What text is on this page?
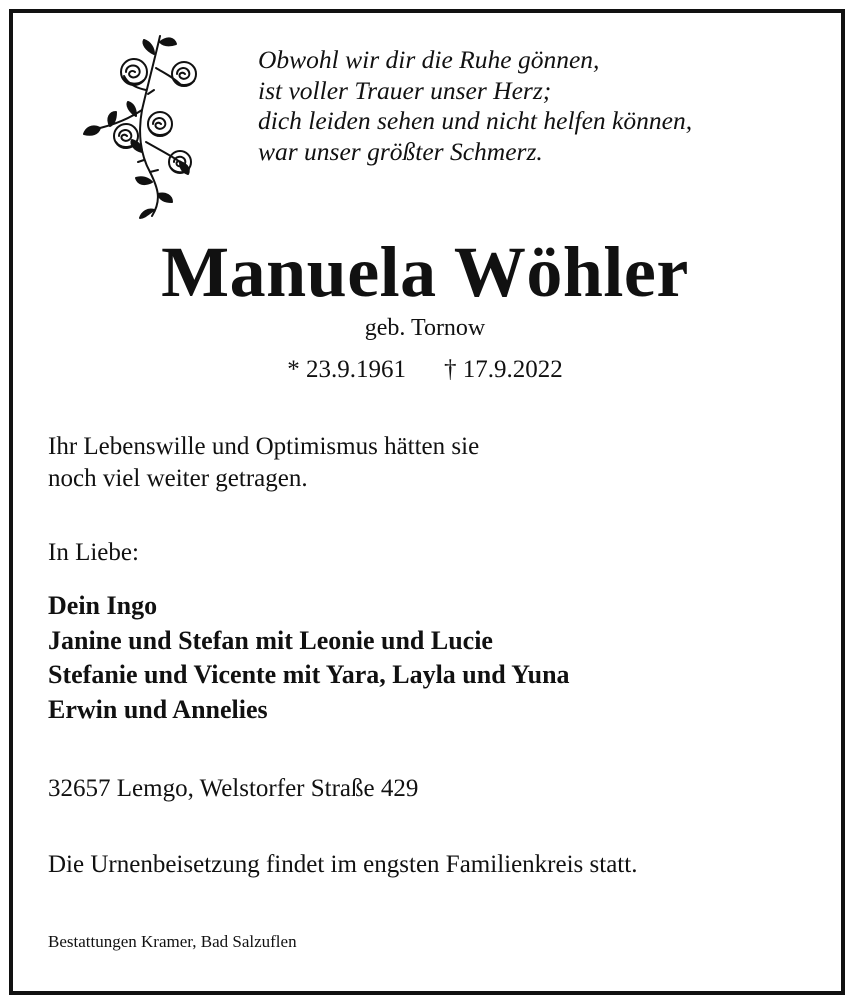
Obwohl wir dir die Ruhe gönnen,
ist voller Trauer unser Herz;
dich leiden sehen und nicht helfen können,
war unser größter Schmerz.
Manuela Wöhler
geb. Tornow
* 23.9.1961 † 17.9.2022
Ihr Lebenswille und Optimismus hätten sie
noch viel weiter getragen.
In Liebe:
Dein Ingo
Janine und Stefan mit Leonie und Lucie
Stefanie und Vicente mit Yara, Layla und Yuna
Erwin und Annelies
32657 Lemgo, Welstorfer Straße 429
Die Urnenbeisetzung findet im engsten Familienkreis statt.
Bestattungen Kramer, Bad Salzuflen
